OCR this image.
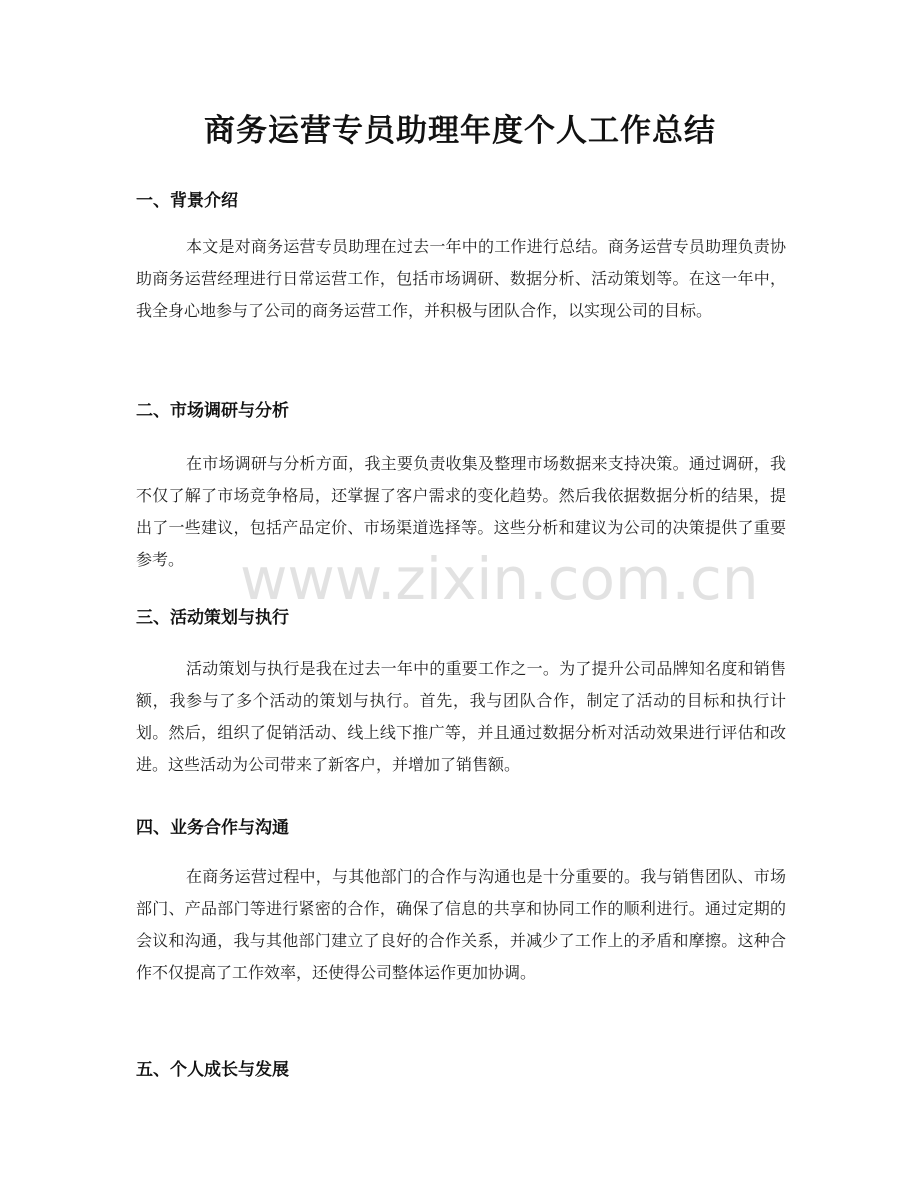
商务运营专员助理年度个人工作总结
一、背景介绍

本文是对商务运营专员助理在过去一年中的工作进行总结。商务运营专员助理负责协助商务运营经理进行日常运营工作，包括市场调研、数据分析、活动策划等。在这一年中，我全身心地参与了公司的商务运营工作，并积极与团队合作，以实现公司的目标。

二、市场调研与分析

在市场调研与分析方面，我主要负责收集及整理市场数据来支持决策。通过调研，我不仅了解了市场竞争格局，还掌握了客户需求的变化趋势。然后我依据数据分析的结果，提出了一些建议，包括产品定价、市场渠道选择等。这些分析和建议为公司的决策提供了重要参考。

三、活动策划与执行

活动策划与执行是我在过去一年中的重要工作之一。为了提升公司品牌知名度和销售额，我参与了多个活动的策划与执行。首先，我与团队合作，制定了活动的目标和执行计划。然后，组织了促销活动、线上线下推广等，并且通过数据分析对活动效果进行评估和改进。这些活动为公司带来了新客户，并增加了销售额。

四、业务合作与沟通

在商务运营过程中，与其他部门的合作与沟通也是十分重要的。我与销售团队、市场部门、产品部门等进行紧密的合作，确保了信息的共享和协同工作的顺利进行。通过定期的会议和沟通，我与其他部门建立了良好的合作关系，并减少了工作上的矛盾和摩擦。这种合作不仅提高了工作效率，还使得公司整体运作更加协调。

五、个人成长与发展
www.zixin.com.cn
